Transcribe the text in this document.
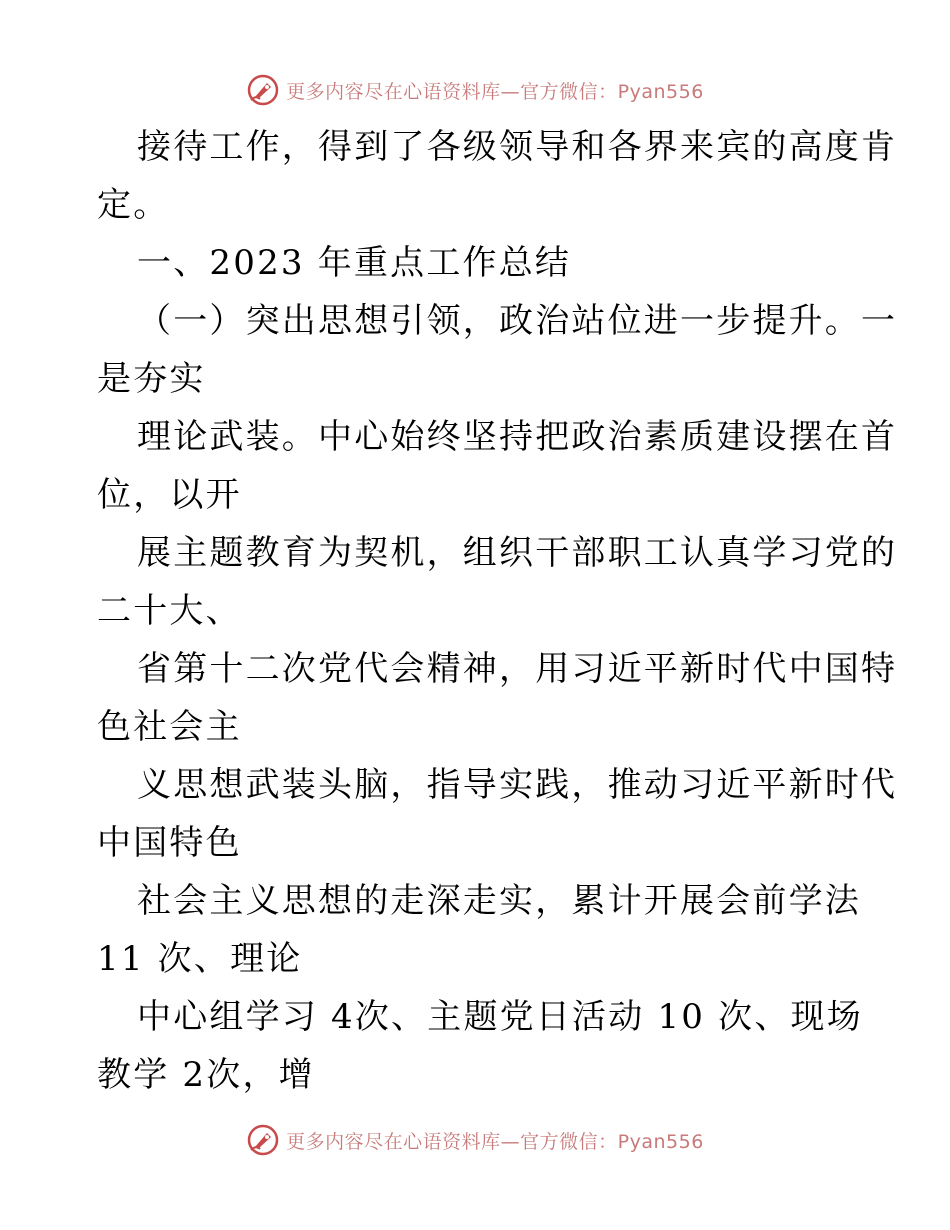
更多内容尽在心语资料库—官方微信：Pyan556
接待工作，得到了各级领导和各界来宾的高度肯
定。
一、2023 年重点工作总结
（一）突出思想引领，政治站位进一步提升。一
是夯实
理论武装。中心始终坚持把政治素质建设摆在首
位，以开
展主题教育为契机，组织干部职工认真学习党的
二十大、
省第十二次党代会精神，用习近平新时代中国特
色社会主
义思想武装头脑，指导实践，推动习近平新时代
中国特色
社会主义思想的走深走实，累计开展会前学法
11 次、理论
中心组学习 4次、主题党日活动 10 次、现场
教学 2次，增
更多内容尽在心语资料库—官方微信：Pyan556
